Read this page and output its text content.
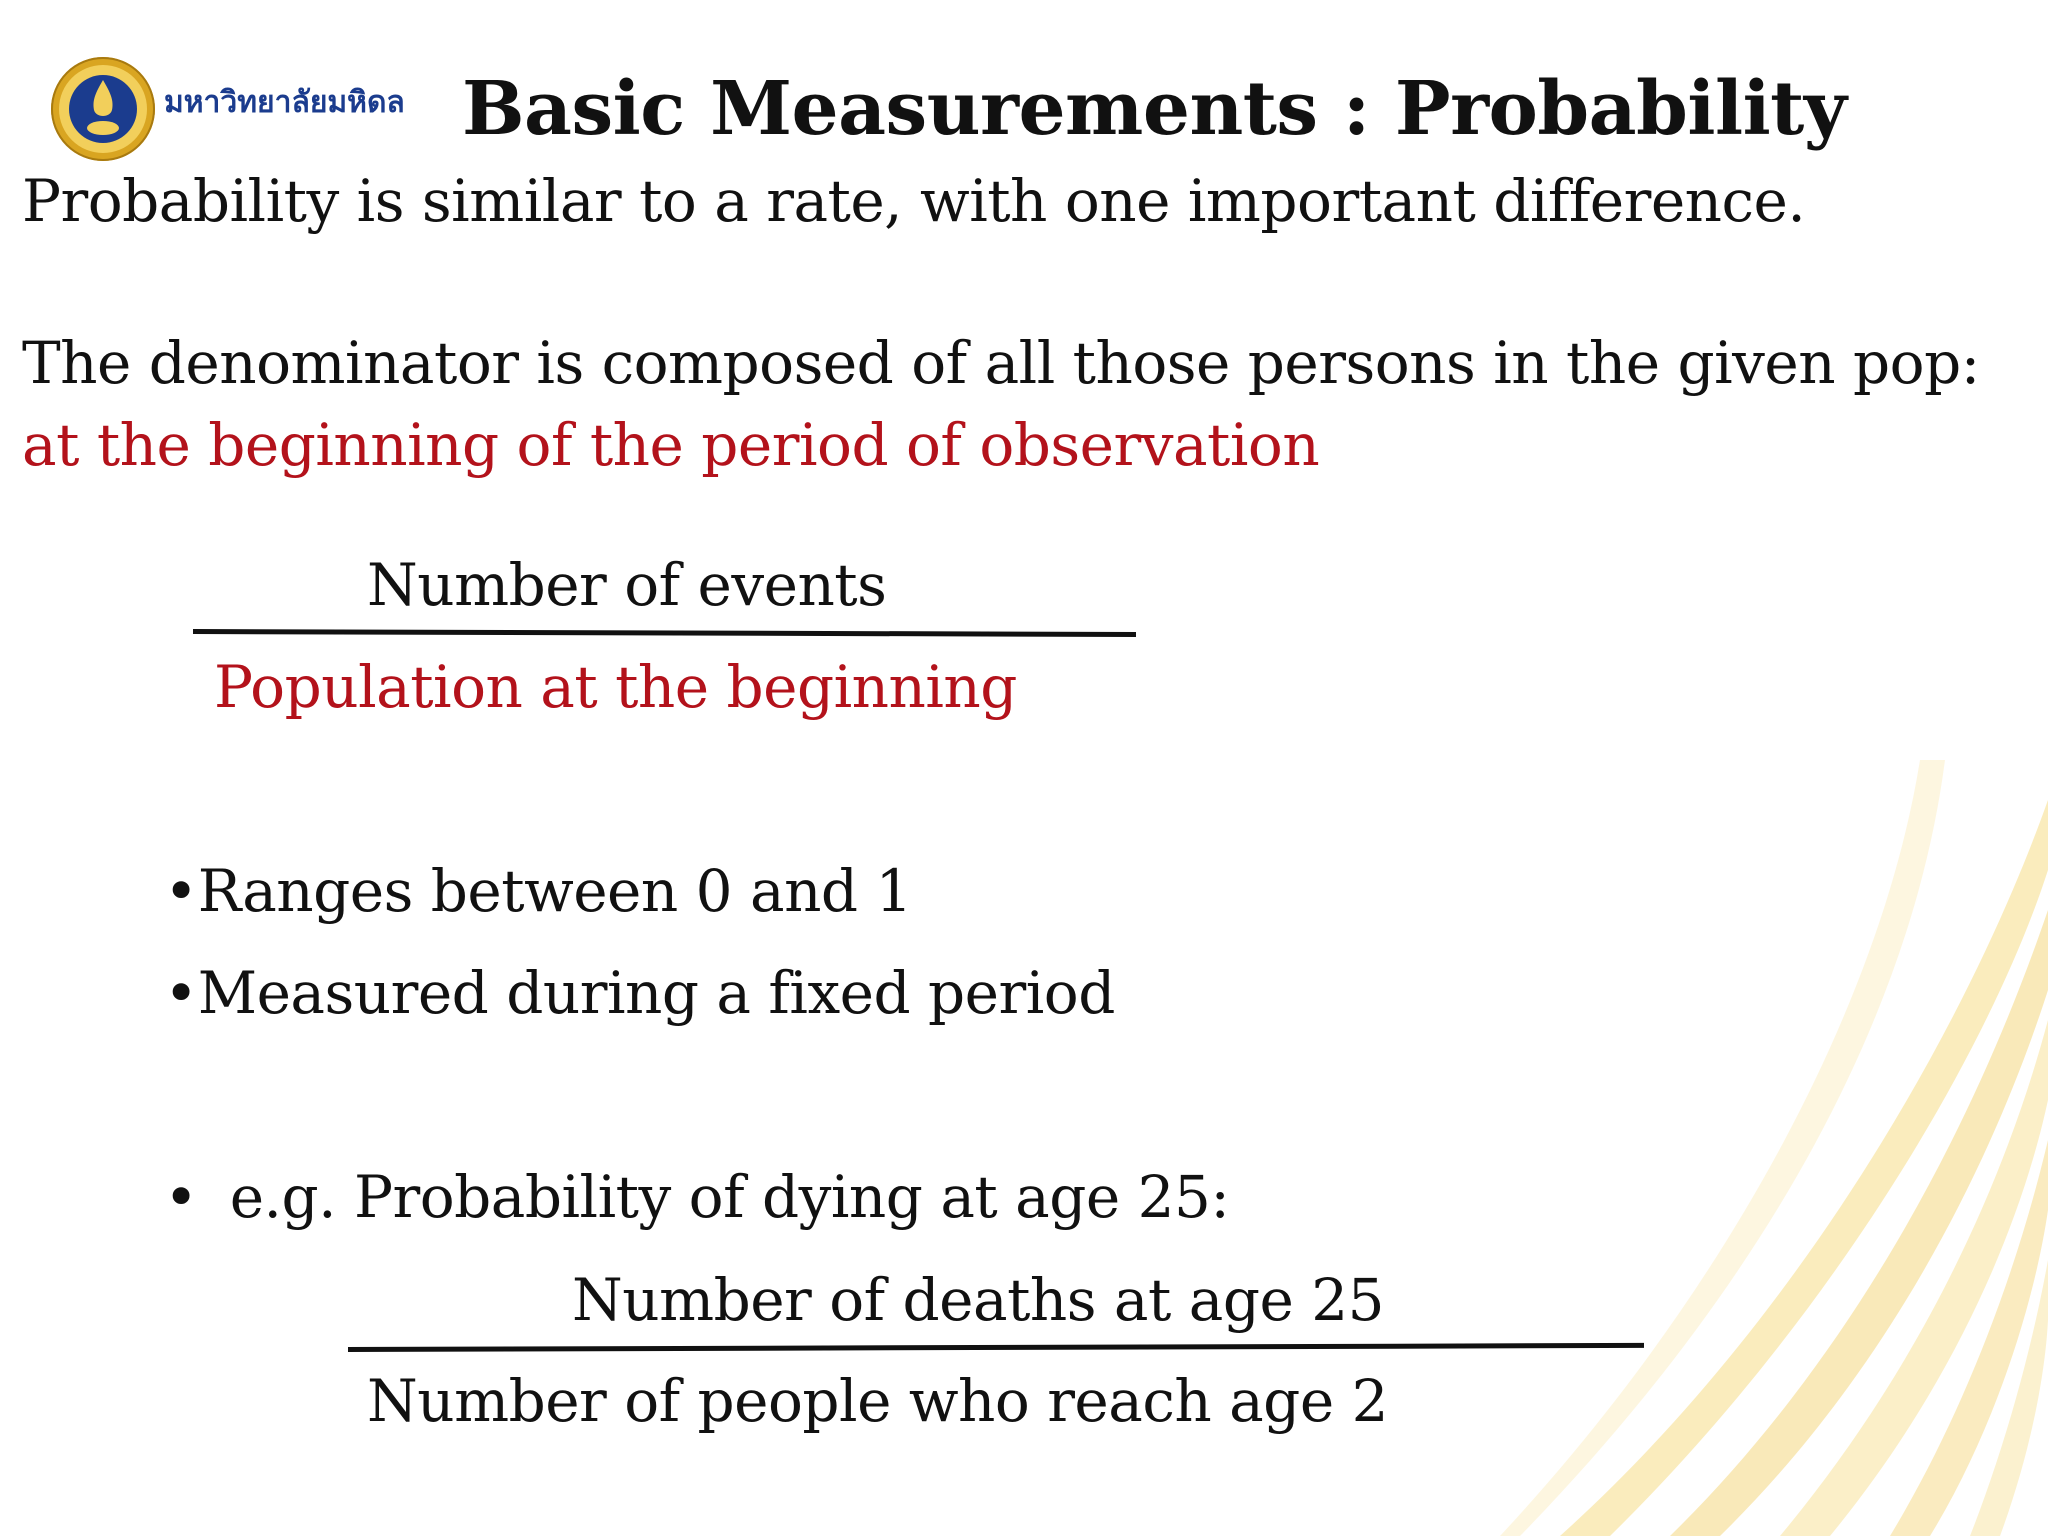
มหาวิทยาลัยมหิดล Basic Measurements : Probability
Probability is similar to a rate, with one important difference.
The denominator is composed of all those persons in the given pop:
at the beginning of the period of observation
Number of events
Population at the beginning
•Ranges between 0 and 1
•Measured during a fixed period
• e.g. Probability of dying at age 25:
Number of deaths at age 25
Number of people who reach age 2
